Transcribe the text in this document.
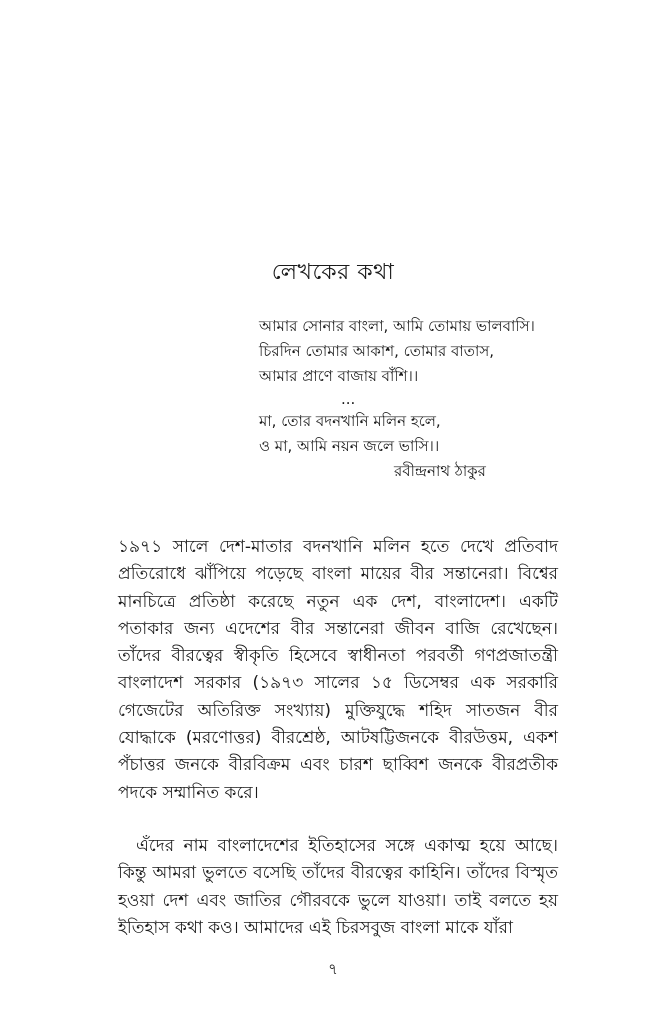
লেখকের কথা
আমার সোনার বাংলা, আমি তোমায় ভালবাসি।
চিরদিন তোমার আকাশ, তোমার বাতাস,
আমার প্রাণে বাজায় বাঁশি।।
...
মা, তোর বদনখানি মলিন হলে,
ও মা, আমি নয়ন জলে ভাসি।।
রবীন্দ্রনাথ ঠাকুর

১৯৭১ সালে দেশ-মাতার বদনখানি মলিন হতে দেখে প্রতিবাদ প্রতিরোধে ঝাঁপিয়ে পড়েছে বাংলা মায়ের বীর সন্তানেরা। বিশ্বের মানচিত্রে প্রতিষ্ঠা করেছে নতুন এক দেশ, বাংলাদেশ। একটি পতাকার জন্য এদেশের বীর সন্তানেরা জীবন বাজি রেখেছেন। তাঁদের বীরত্বের স্বীকৃতি হিসেবে স্বাধীনতা পরবর্তী গণপ্রজাতন্ত্রী বাংলাদেশ সরকার (১৯৭৩ সালের ১৫ ডিসেম্বর এক সরকারি গেজেটের অতিরিক্ত সংখ্যায়) মুক্তিযুদ্ধে শহিদ সাতজন বীর যোদ্ধাকে (মরণোত্তর) বীরশ্রেষ্ঠ, আটষট্টিজনকে বীরউত্তম, একশ পঁচাত্তর জনকে বীরবিক্রম এবং চারশ ছাব্বিশ জনকে বীরপ্রতীক পদকে সম্মানিত করে।

এঁদের নাম বাংলাদেশের ইতিহাসের সঙ্গে একাত্ম হয়ে আছে। কিন্তু আমরা ভুলতে বসেছি তাঁদের বীরত্বের কাহিনি। তাঁদের বিস্মৃত হওয়া দেশ এবং জাতির গৌরবকে ভুলে যাওয়া। তাই বলতে হয় ইতিহাস কথা কও। আমাদের এই চিরসবুজ বাংলা মাকে যাঁরা

৭
